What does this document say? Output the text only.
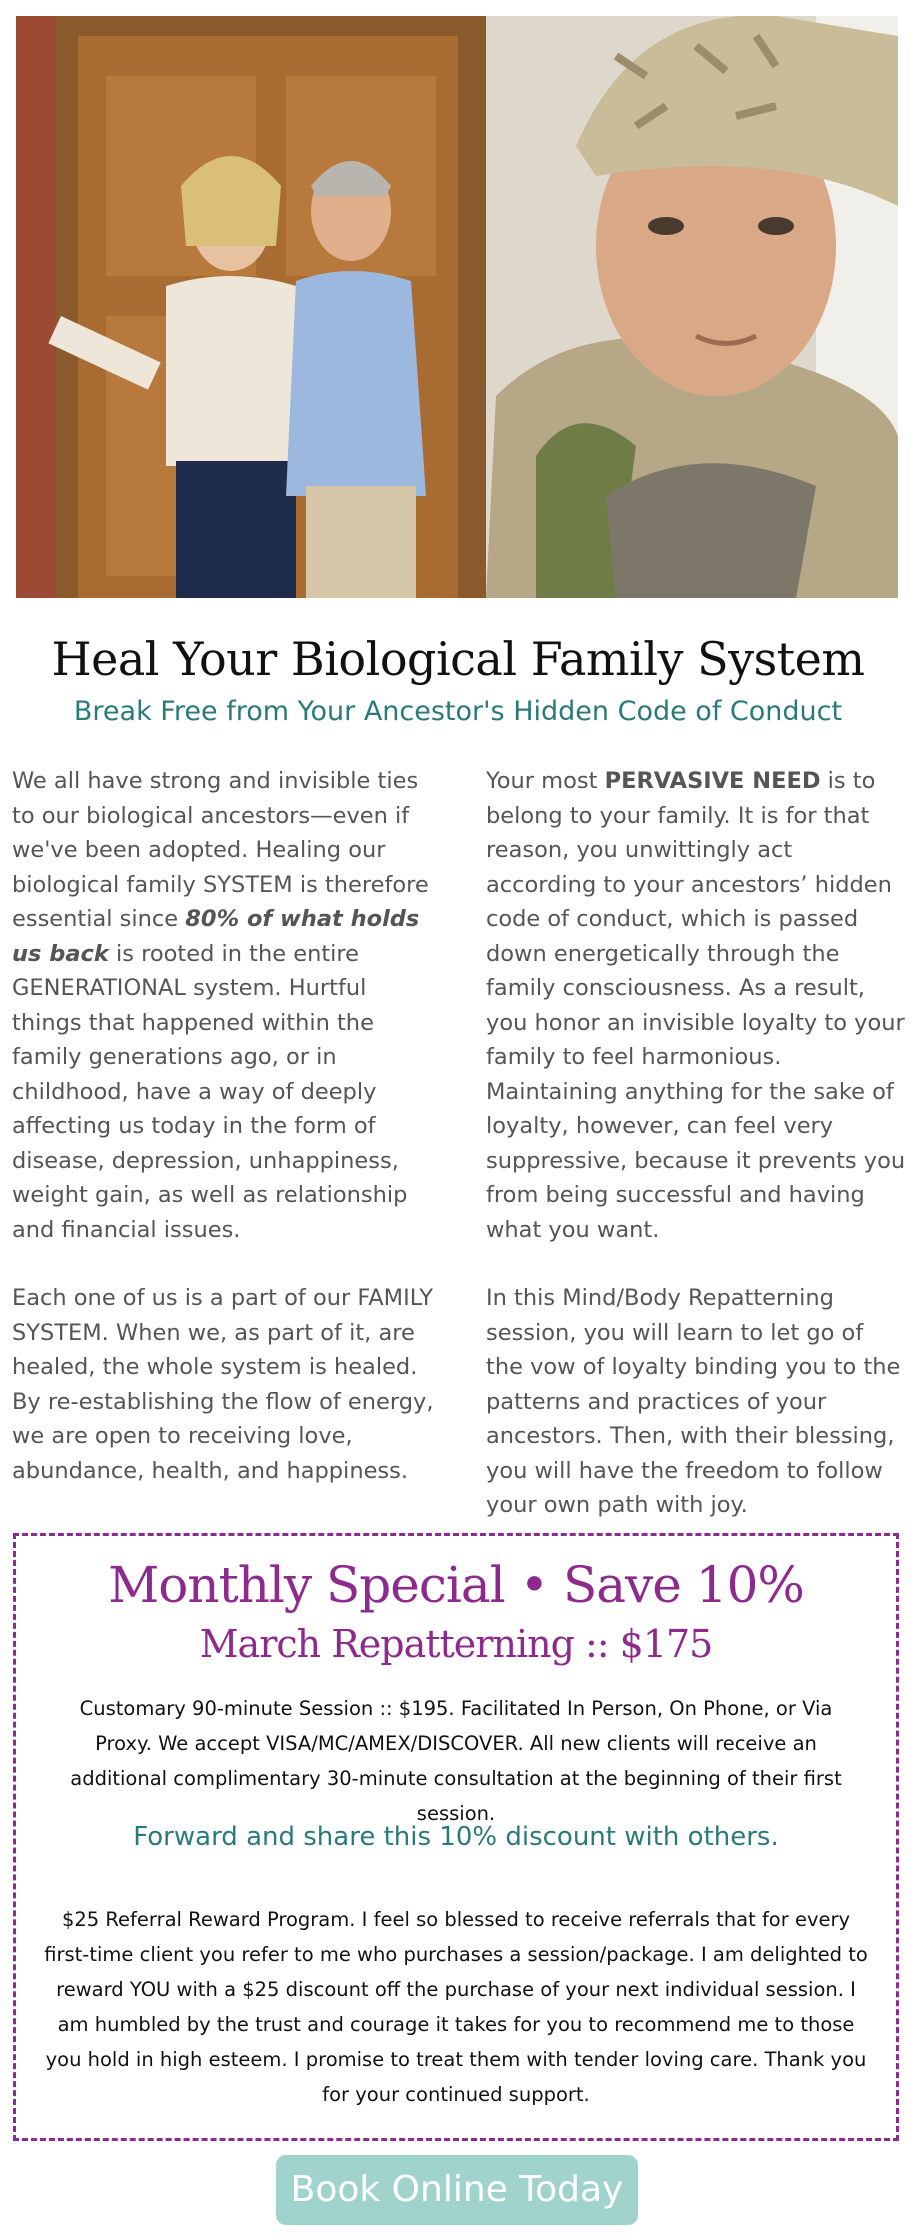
Heal Your Biological Family System
Break Free from Your Ancestor's Hidden Code of Conduct

We all have strong and invisible ties to our biological ancestors—even if we've been adopted. Healing our biological family SYSTEM is therefore essential since 80% of what holds us back is rooted in the entire GENERATIONAL system. Hurtful things that happened within the family generations ago, or in childhood, have a way of deeply affecting us today in the form of disease, depression, unhappiness, weight gain, as well as relationship and financial issues.

Each one of us is a part of our FAMILY SYSTEM. When we, as part of it, are healed, the whole system is healed. By re-establishing the flow of energy, we are open to receiving love, abundance, health, and happiness.

Your most PERVASIVE NEED is to belong to your family. It is for that reason, you unwittingly act according to your ancestors’ hidden code of conduct, which is passed down energetically through the family consciousness. As a result, you honor an invisible loyalty to your family to feel harmonious. Maintaining anything for the sake of loyalty, however, can feel very suppressive, because it prevents you from being successful and having what you want.

In this Mind/Body Repatterning session, you will learn to let go of the vow of loyalty binding you to the patterns and practices of your ancestors. Then, with their blessing, you will have the freedom to follow your own path with joy.

Monthly Special • Save 10%
March Repatterning :: $175
Customary 90-minute Session :: $195. Facilitated In Person, On Phone, or Via Proxy. We accept VISA/MC/AMEX/DISCOVER. All new clients will receive an additional complimentary 30-minute consultation at the beginning of their first session.
Forward and share this 10% discount with others.
$25 Referral Reward Program. I feel so blessed to receive referrals that for every first-time client you refer to me who purchases a session/package. I am delighted to reward YOU with a $25 discount off the purchase of your next individual session. I am humbled by the trust and courage it takes for you to recommend me to those you hold in high esteem. I promise to treat them with tender loving care. Thank you for your continued support.
Book Online Today
